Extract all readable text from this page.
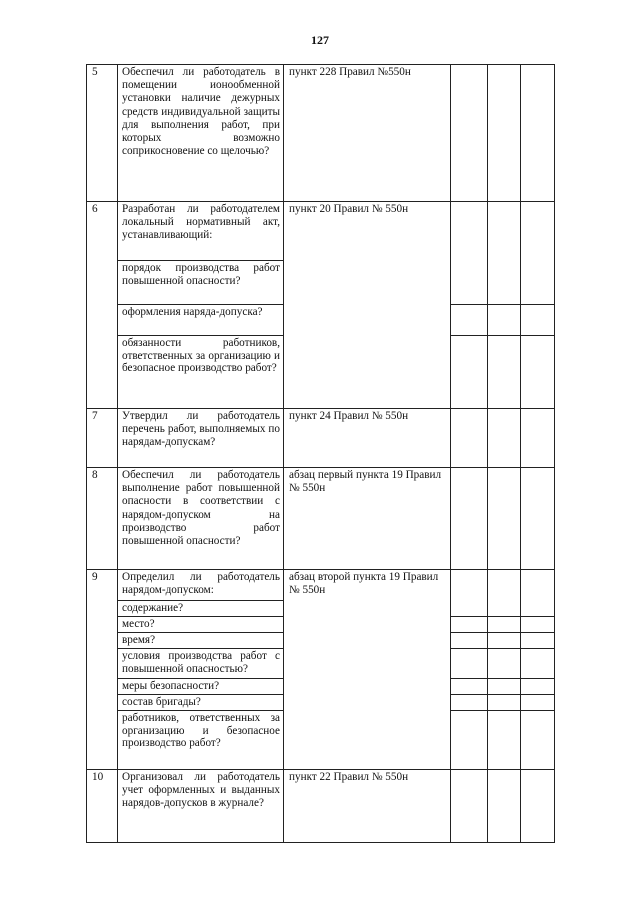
127
5	Обеспечил ли работодатель в помещении ионообменной установки наличие дежурных средств индивидуальной защиты для выполнения работ, при которых возможно соприкосновение со щелочью?	пункт 228 Правил №550н			
6	Разработан ли работодателем локальный нормативный акт, устанавливающий:	пункт 20 Правил № 550н			
	порядок производства работ повышенной опасности?				
	оформления наряда-допуска?				
	обязанности работников, ответственных за организацию и безопасное производство работ?				
7	Утвердил ли работодатель перечень работ, выполняемых по нарядам-допускам?	пункт 24 Правил № 550н			
8	Обеспечил ли работодатель выполнение работ повышенной опасности в соответствии с нарядом-допуском на производство работ повышенной опасности?	абзац первый пункта 19 Правил № 550н			
9	Определил ли работодатель нарядом-допуском:	абзац второй пункта 19 Правил № 550н			
	содержание?				
	место?				
	время?				
	условия производства работ с повышенной опасностью?				
	меры безопасности?				
	состав бригады?				
	работников, ответственных за организацию и безопасное производство работ?				
10	Организовал ли работодатель учет оформленных и выданных нарядов-допусков в журнале?	пункт 22 Правил № 550н			
